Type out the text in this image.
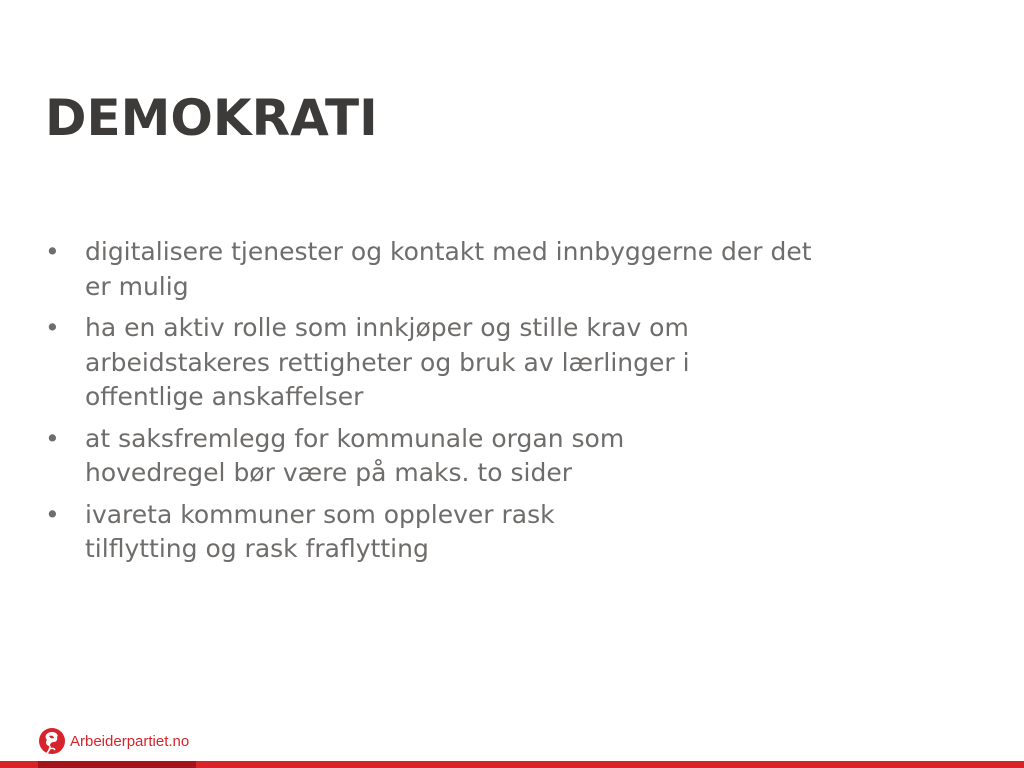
DEMOKRATI
• digitalisere tjenester og kontakt med innbyggerne der det er mulig
• ha en aktiv rolle som innkjøper og stille krav om arbeidstakeres rettigheter og bruk av lærlinger i offentlige anskaffelser
• at saksfremlegg for kommunale organ som hovedregel bør være på maks. to sider
• ivareta kommuner som opplever rask tilflytting og rask fraflytting
Arbeiderpartiet.no
